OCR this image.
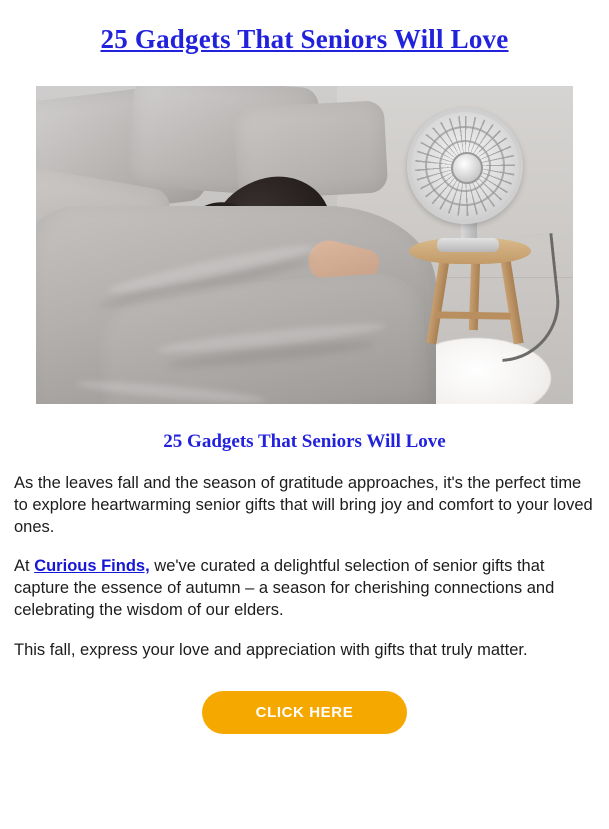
25 Gadgets That Seniors Will Love
25 Gadgets That Seniors Will Love

As the leaves fall and the season of gratitude approaches, it's the perfect time to explore heartwarming senior gifts that will bring joy and comfort to your loved ones.

At Curious Finds, we've curated a delightful selection of senior gifts that capture the essence of autumn – a season for cherishing connections and celebrating the wisdom of our elders.

This fall, express your love and appreciation with gifts that truly matter.

CLICK HERE
